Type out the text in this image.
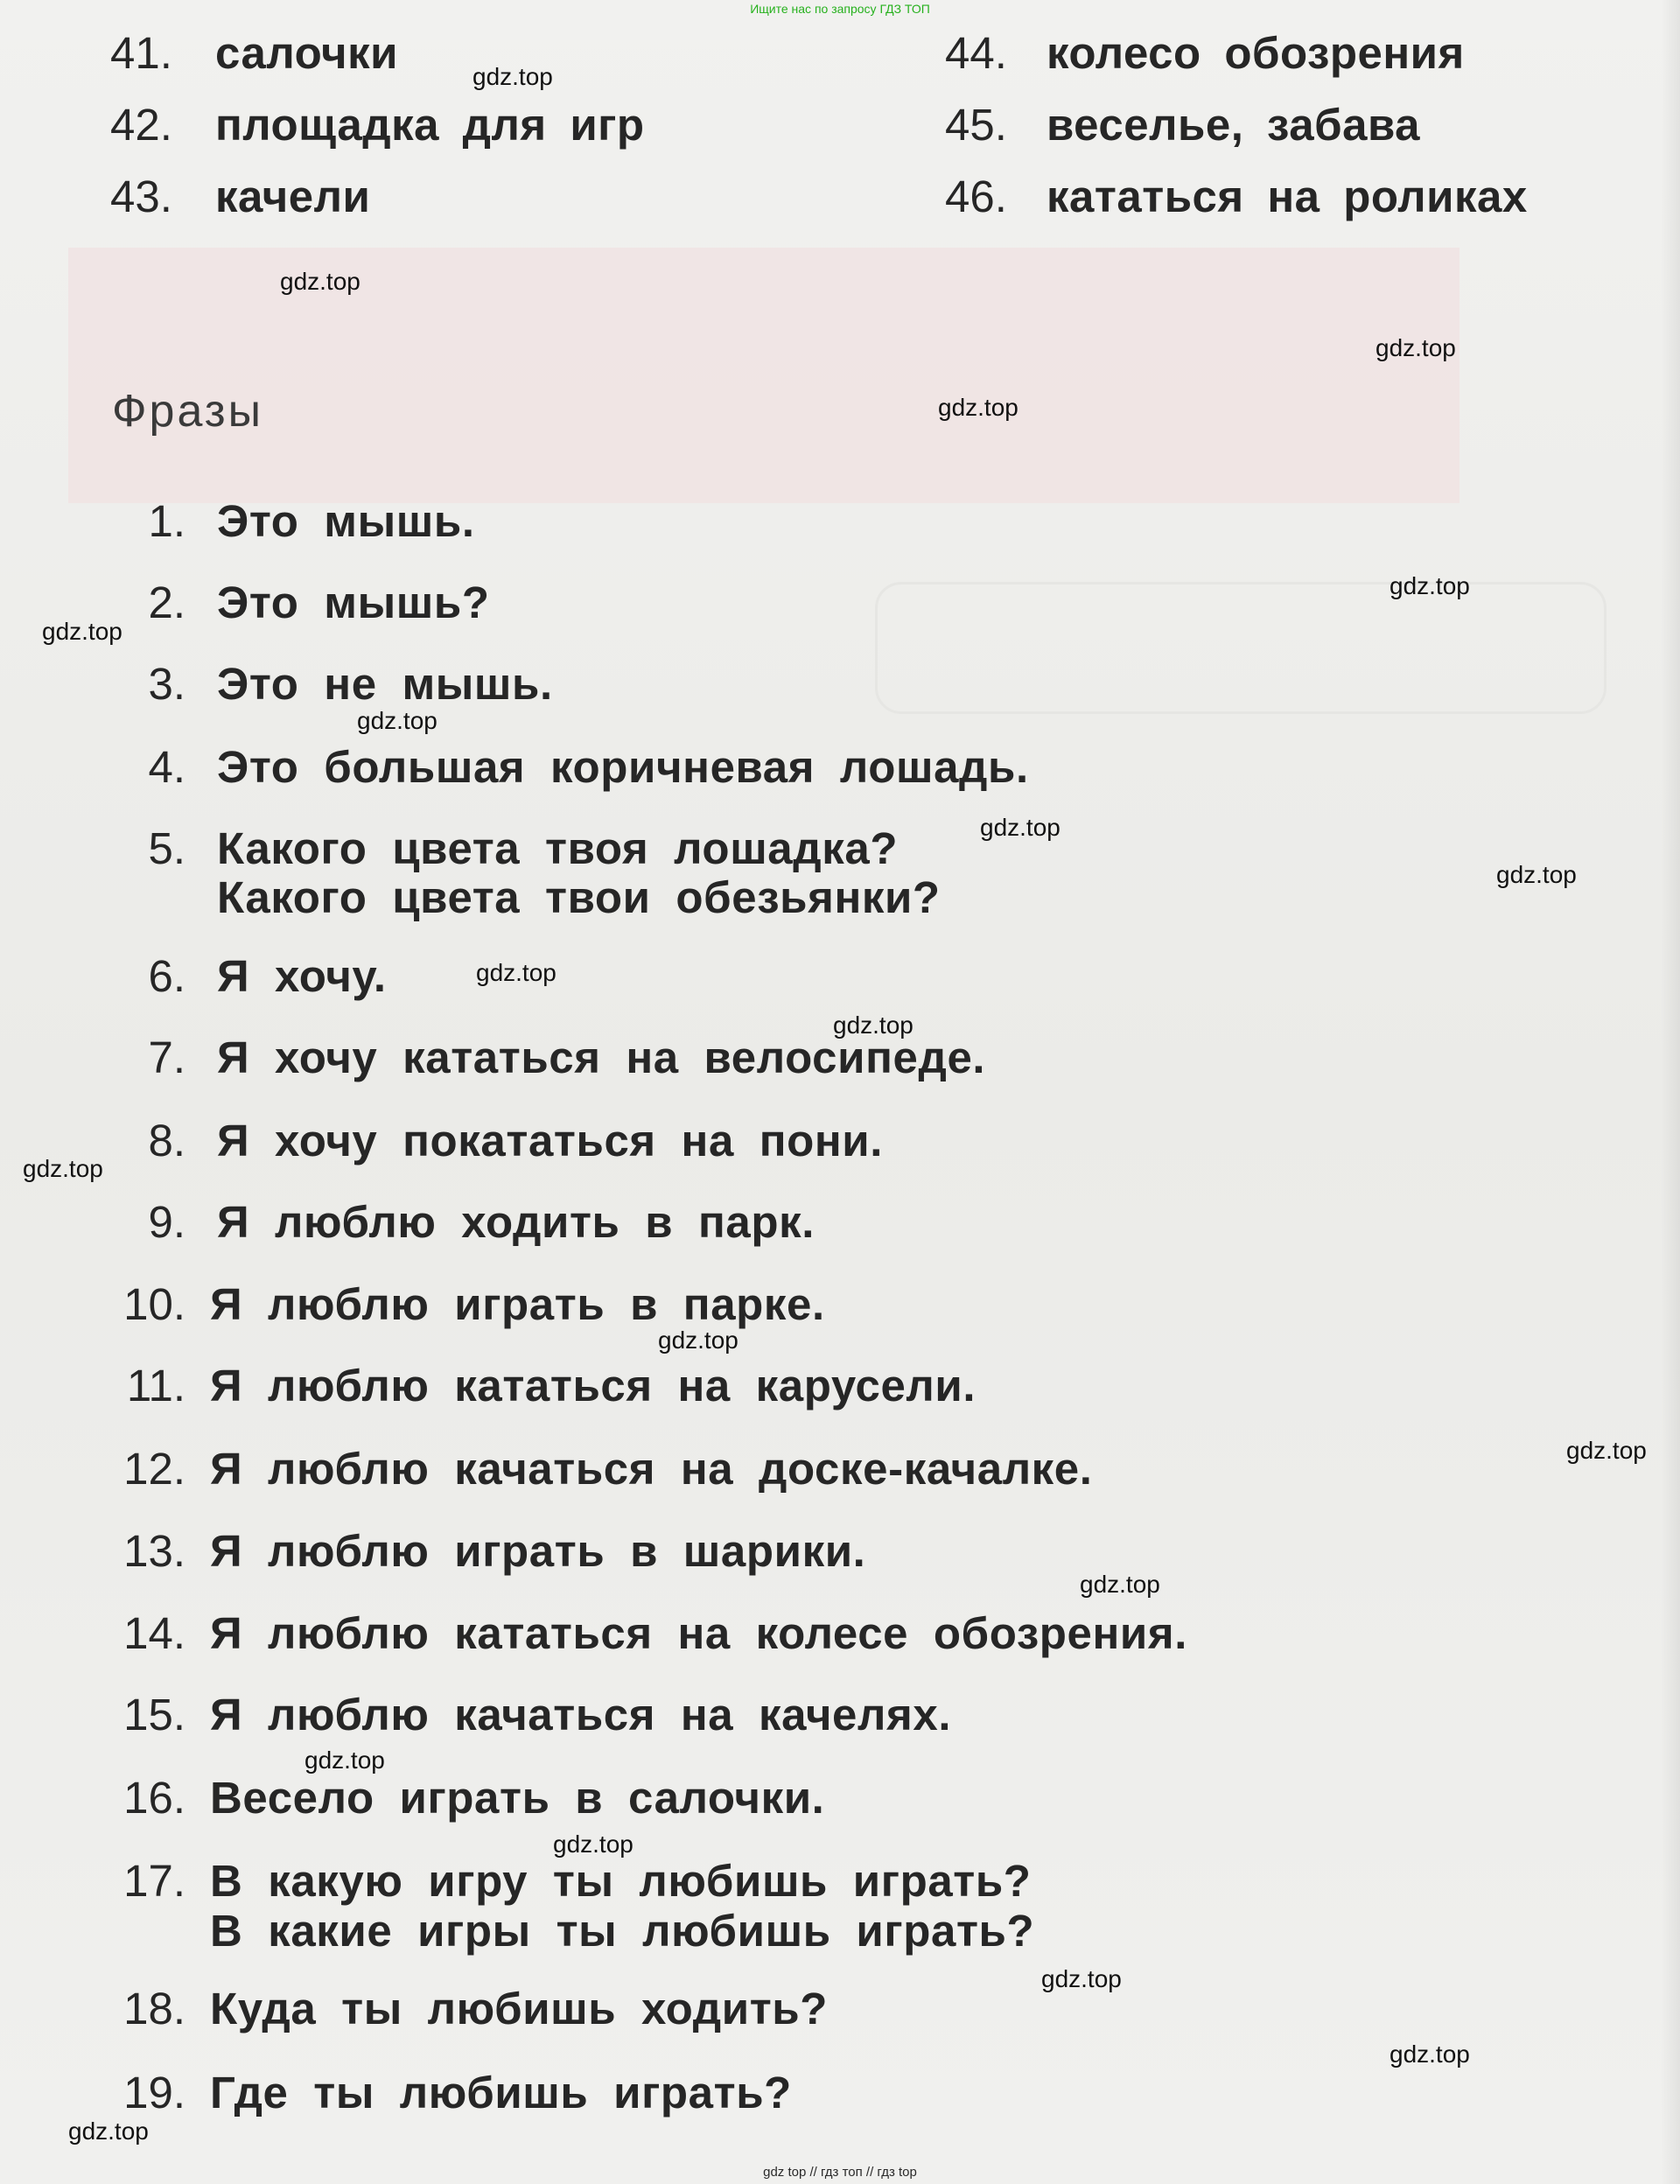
Ищите нас по запросу ГДЗ ТОП
41. салочки
42. площадка для игр
43. качели
44. колесо обозрения
45. веселье, забава
46. кататься на роликах
Фразы
1. Это мышь.
2. Это мышь?
3. Это не мышь.
4. Это большая коричневая лошадь.
5. Какого цвета твоя лошадка?
Какого цвета твои обезьянки?
6. Я хочу.
7. Я хочу кататься на велосипеде.
8. Я хочу покататься на пони.
9. Я люблю ходить в парк.
10. Я люблю играть в парке.
11. Я люблю кататься на карусели.
12. Я люблю качаться на доске-качалке.
13. Я люблю играть в шарики.
14. Я люблю кататься на колесе обозрения.
15. Я люблю качаться на качелях.
16. Весело играть в салочки.
17. В какую игру ты любишь играть?
В какие игры ты любишь играть?
18. Куда ты любишь ходить?
19. Где ты любишь играть?
gdz.top
gdz.top
gdz.top
gdz.top
gdz.top
gdz.top
gdz.top
gdz.top
gdz.top
gdz.top
gdz.top
gdz.top
gdz.top
gdz.top
gdz.top
gdz.top
gdz.top
gdz.top
gdz.top
gdz.top
gdz top // гдз топ // гдз top
